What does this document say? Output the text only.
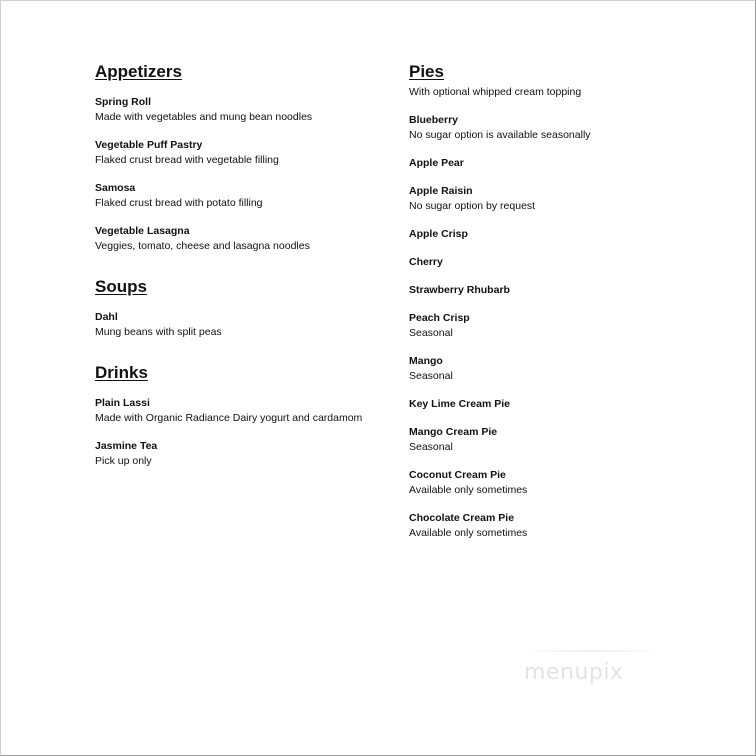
Appetizers
Spring Roll
Made with vegetables and mung bean noodles
Vegetable Puff Pastry
Flaked crust bread with vegetable filling
Samosa
Flaked crust bread with potato filling
Vegetable Lasagna
Veggies, tomato, cheese and lasagna noodles
Soups
Dahl
Mung beans with split peas
Drinks
Plain Lassi
Made with Organic Radiance Dairy yogurt and cardamom
Jasmine Tea
Pick up only
Pies
With optional whipped cream topping
Blueberry
No sugar option is available seasonally
Apple Pear
Apple Raisin
No sugar option by request
Apple Crisp
Cherry
Strawberry Rhubarb
Peach Crisp
Seasonal
Mango
Seasonal
Key Lime Cream Pie
Mango Cream Pie
Seasonal
Coconut Cream Pie
Available only sometimes
Chocolate Cream Pie
Available only sometimes
menupix
